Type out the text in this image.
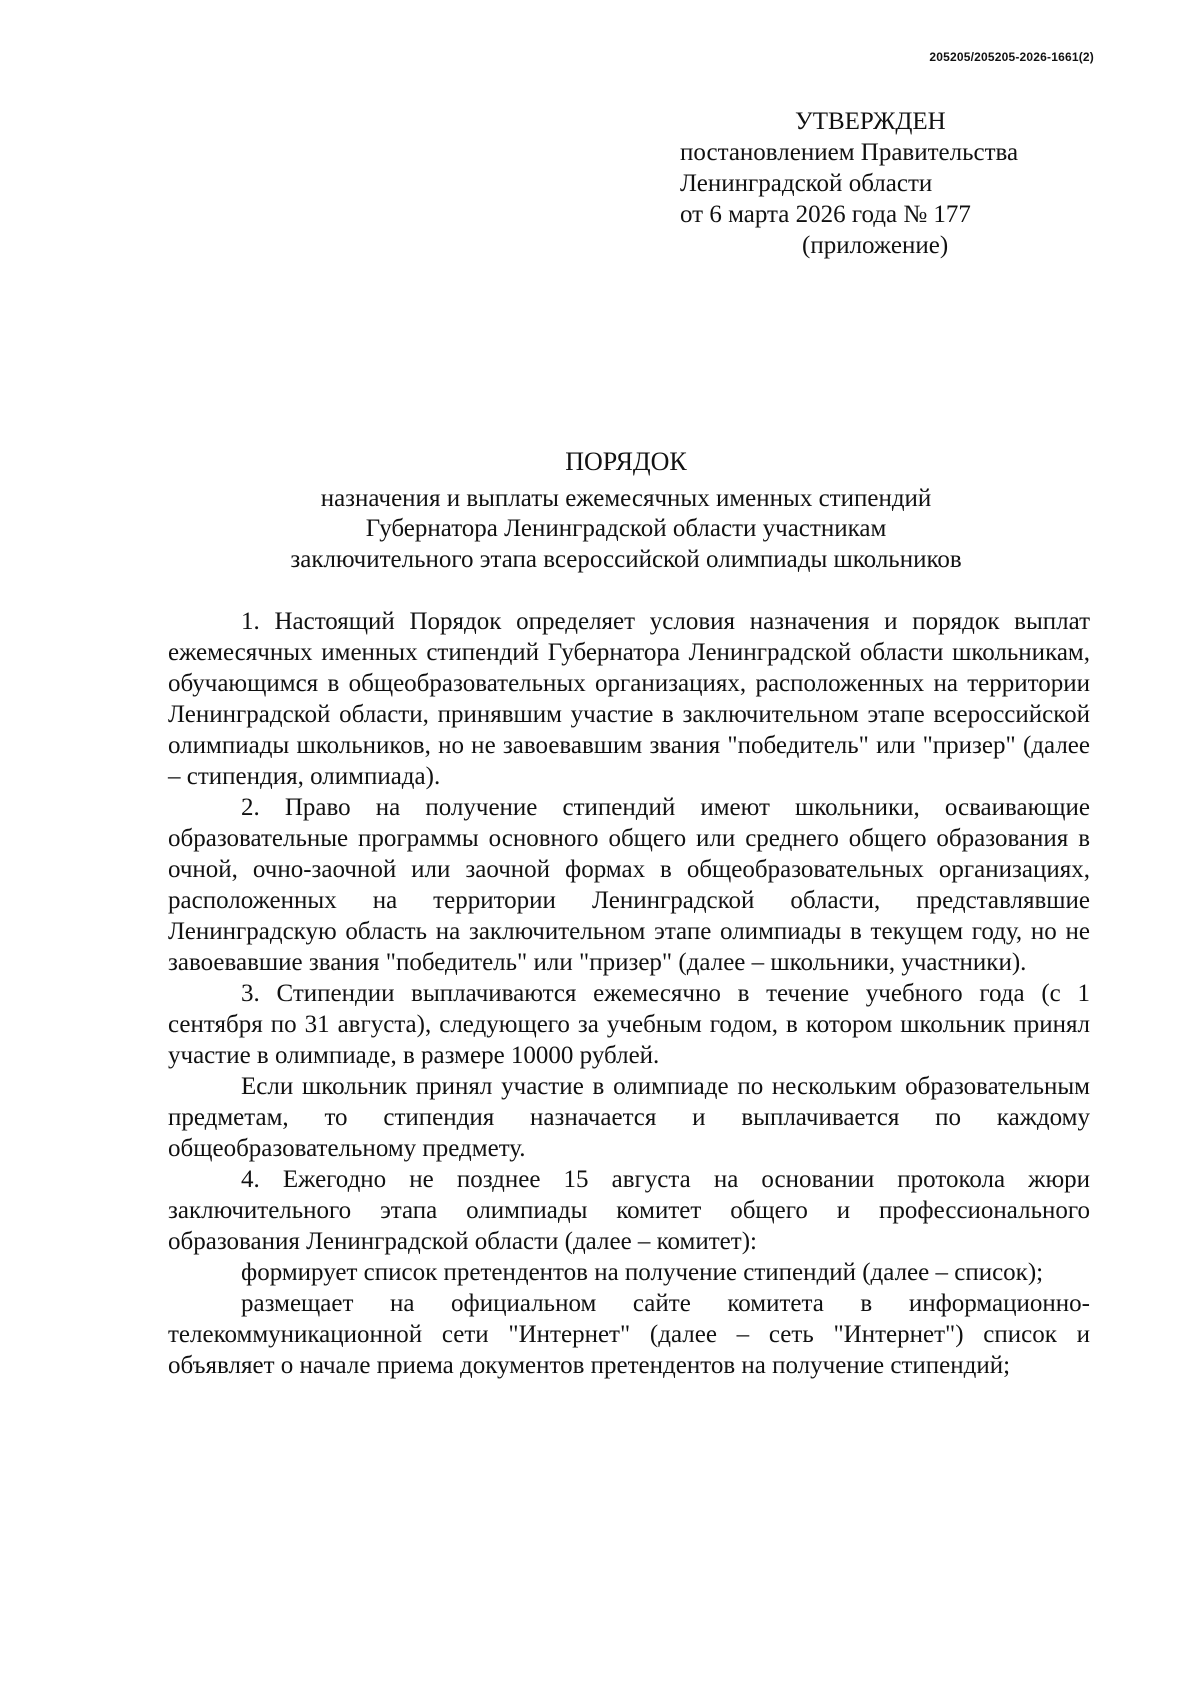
205205/205205-2026-1661(2)
УТВЕРЖДЕН
постановлением Правительства
Ленинградской области
от 6 марта 2026 года № 177
(приложение)
ПОРЯДОК
назначения и выплаты ежемесячных именных стипендий
Губернатора Ленинградской области участникам
заключительного этапа всероссийской олимпиады школьников

1. Настоящий Порядок определяет условия назначения и порядок выплат ежемесячных именных стипендий Губернатора Ленинградской области школьникам, обучающимся в общеобразовательных организациях, расположенных на территории Ленинградской области, принявшим участие в заключительном этапе всероссийской олимпиады школьников, но не завоевавшим звания "победитель" или "призер" (далее – стипендия, олимпиада).

2. Право на получение стипендий имеют школьники, осваивающие образовательные программы основного общего или среднего общего образования в очной, очно-заочной или заочной формах в общеобразовательных организациях, расположенных на территории Ленинградской области, представлявшие Ленинградскую область на заключительном этапе олимпиады в текущем году, но не завоевавшие звания "победитель" или "призер" (далее – школьники, участники).

3. Стипендии выплачиваются ежемесячно в течение учебного года (с 1 сентября по 31 августа), следующего за учебным годом, в котором школьник принял участие в олимпиаде, в размере 10000 рублей.

Если школьник принял участие в олимпиаде по нескольким образовательным предметам, то стипендия назначается и выплачивается по каждому общеобразовательному предмету.

4. Ежегодно не позднее 15 августа на основании протокола жюри заключительного этапа олимпиады комитет общего и профессионального образования Ленинградской области (далее – комитет):

формирует список претендентов на получение стипендий (далее – список);

размещает на официальном сайте комитета в информационно-телекоммуникационной сети "Интернет" (далее – сеть "Интернет") список и объявляет о начале приема документов претендентов на получение стипендий;
